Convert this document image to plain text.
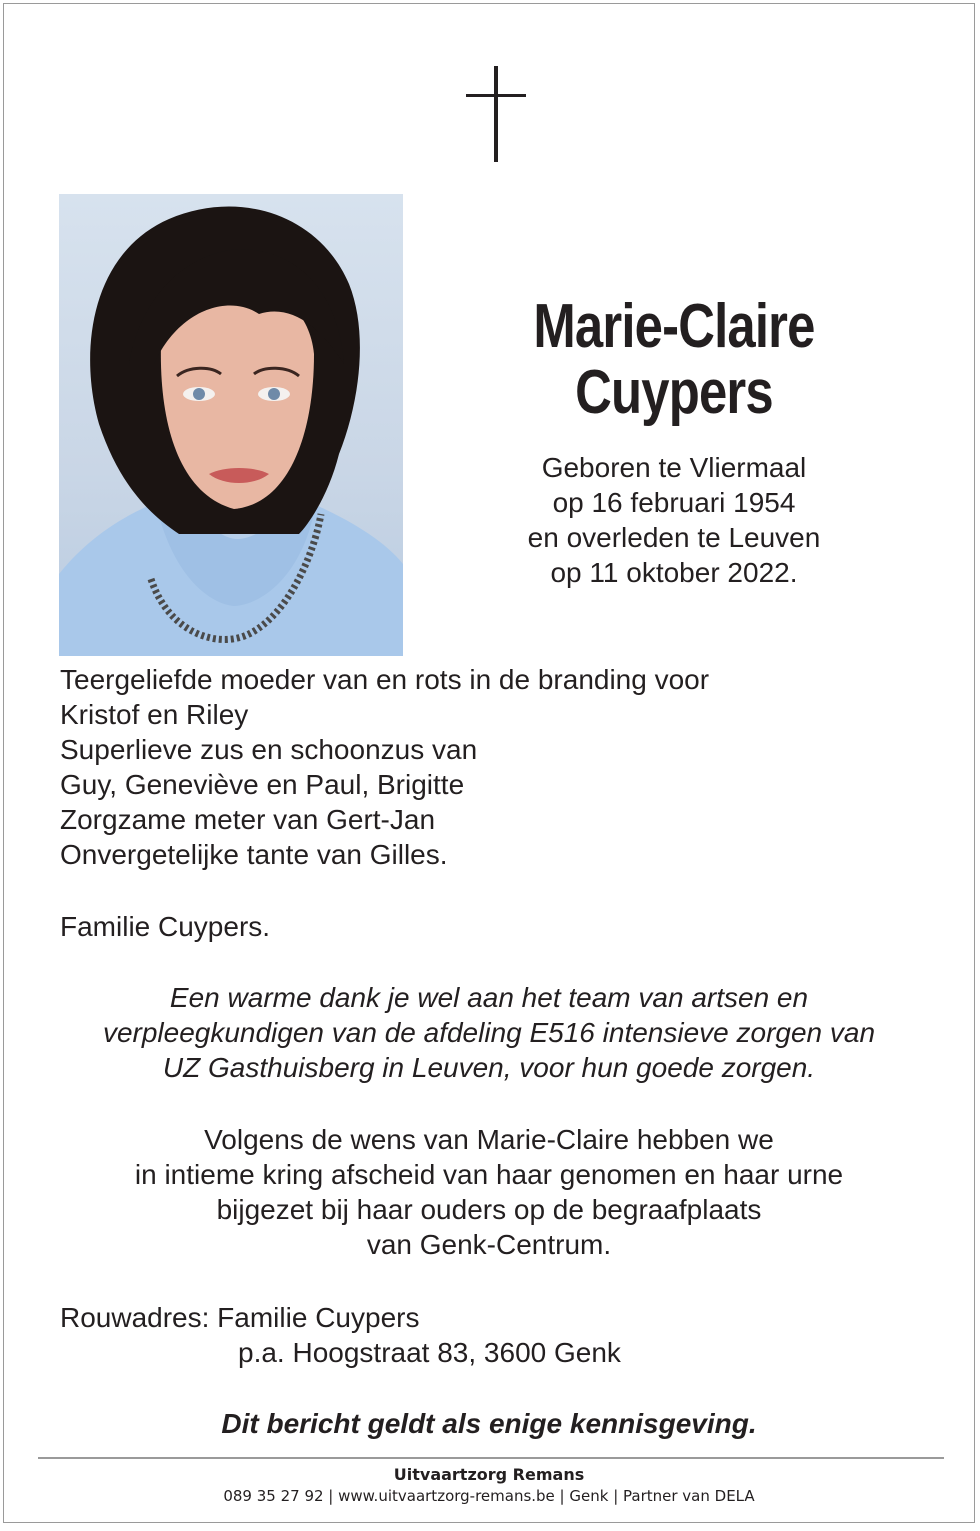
Marie-Claire
Cuypers
Geboren te Vliermaal
op 16 februari 1954
en overleden te Leuven
op 11 oktober 2022.
Teergeliefde moeder van en rots in de branding voor
Kristof en Riley
Superlieve zus en schoonzus van
Guy, Geneviève en Paul, Brigitte
Zorgzame meter van Gert-Jan
Onvergetelijke tante van Gilles.
Familie Cuypers.
Een warme dank je wel aan het team van artsen en
verpleegkundigen van de afdeling E516 intensieve zorgen van
UZ Gasthuisberg in Leuven, voor hun goede zorgen.
Volgens de wens van Marie-Claire hebben we
in intieme kring afscheid van haar genomen en haar urne
bijgezet bij haar ouders op de begraafplaats
van Genk-Centrum.
Rouwadres: Familie Cuypers
p.a. Hoogstraat 83, 3600 Genk
Dit bericht geldt als enige kennisgeving.
Uitvaartzorg Remans
089 35 27 92 | www.uitvaartzorg-remans.be | Genk | Partner van DELA
